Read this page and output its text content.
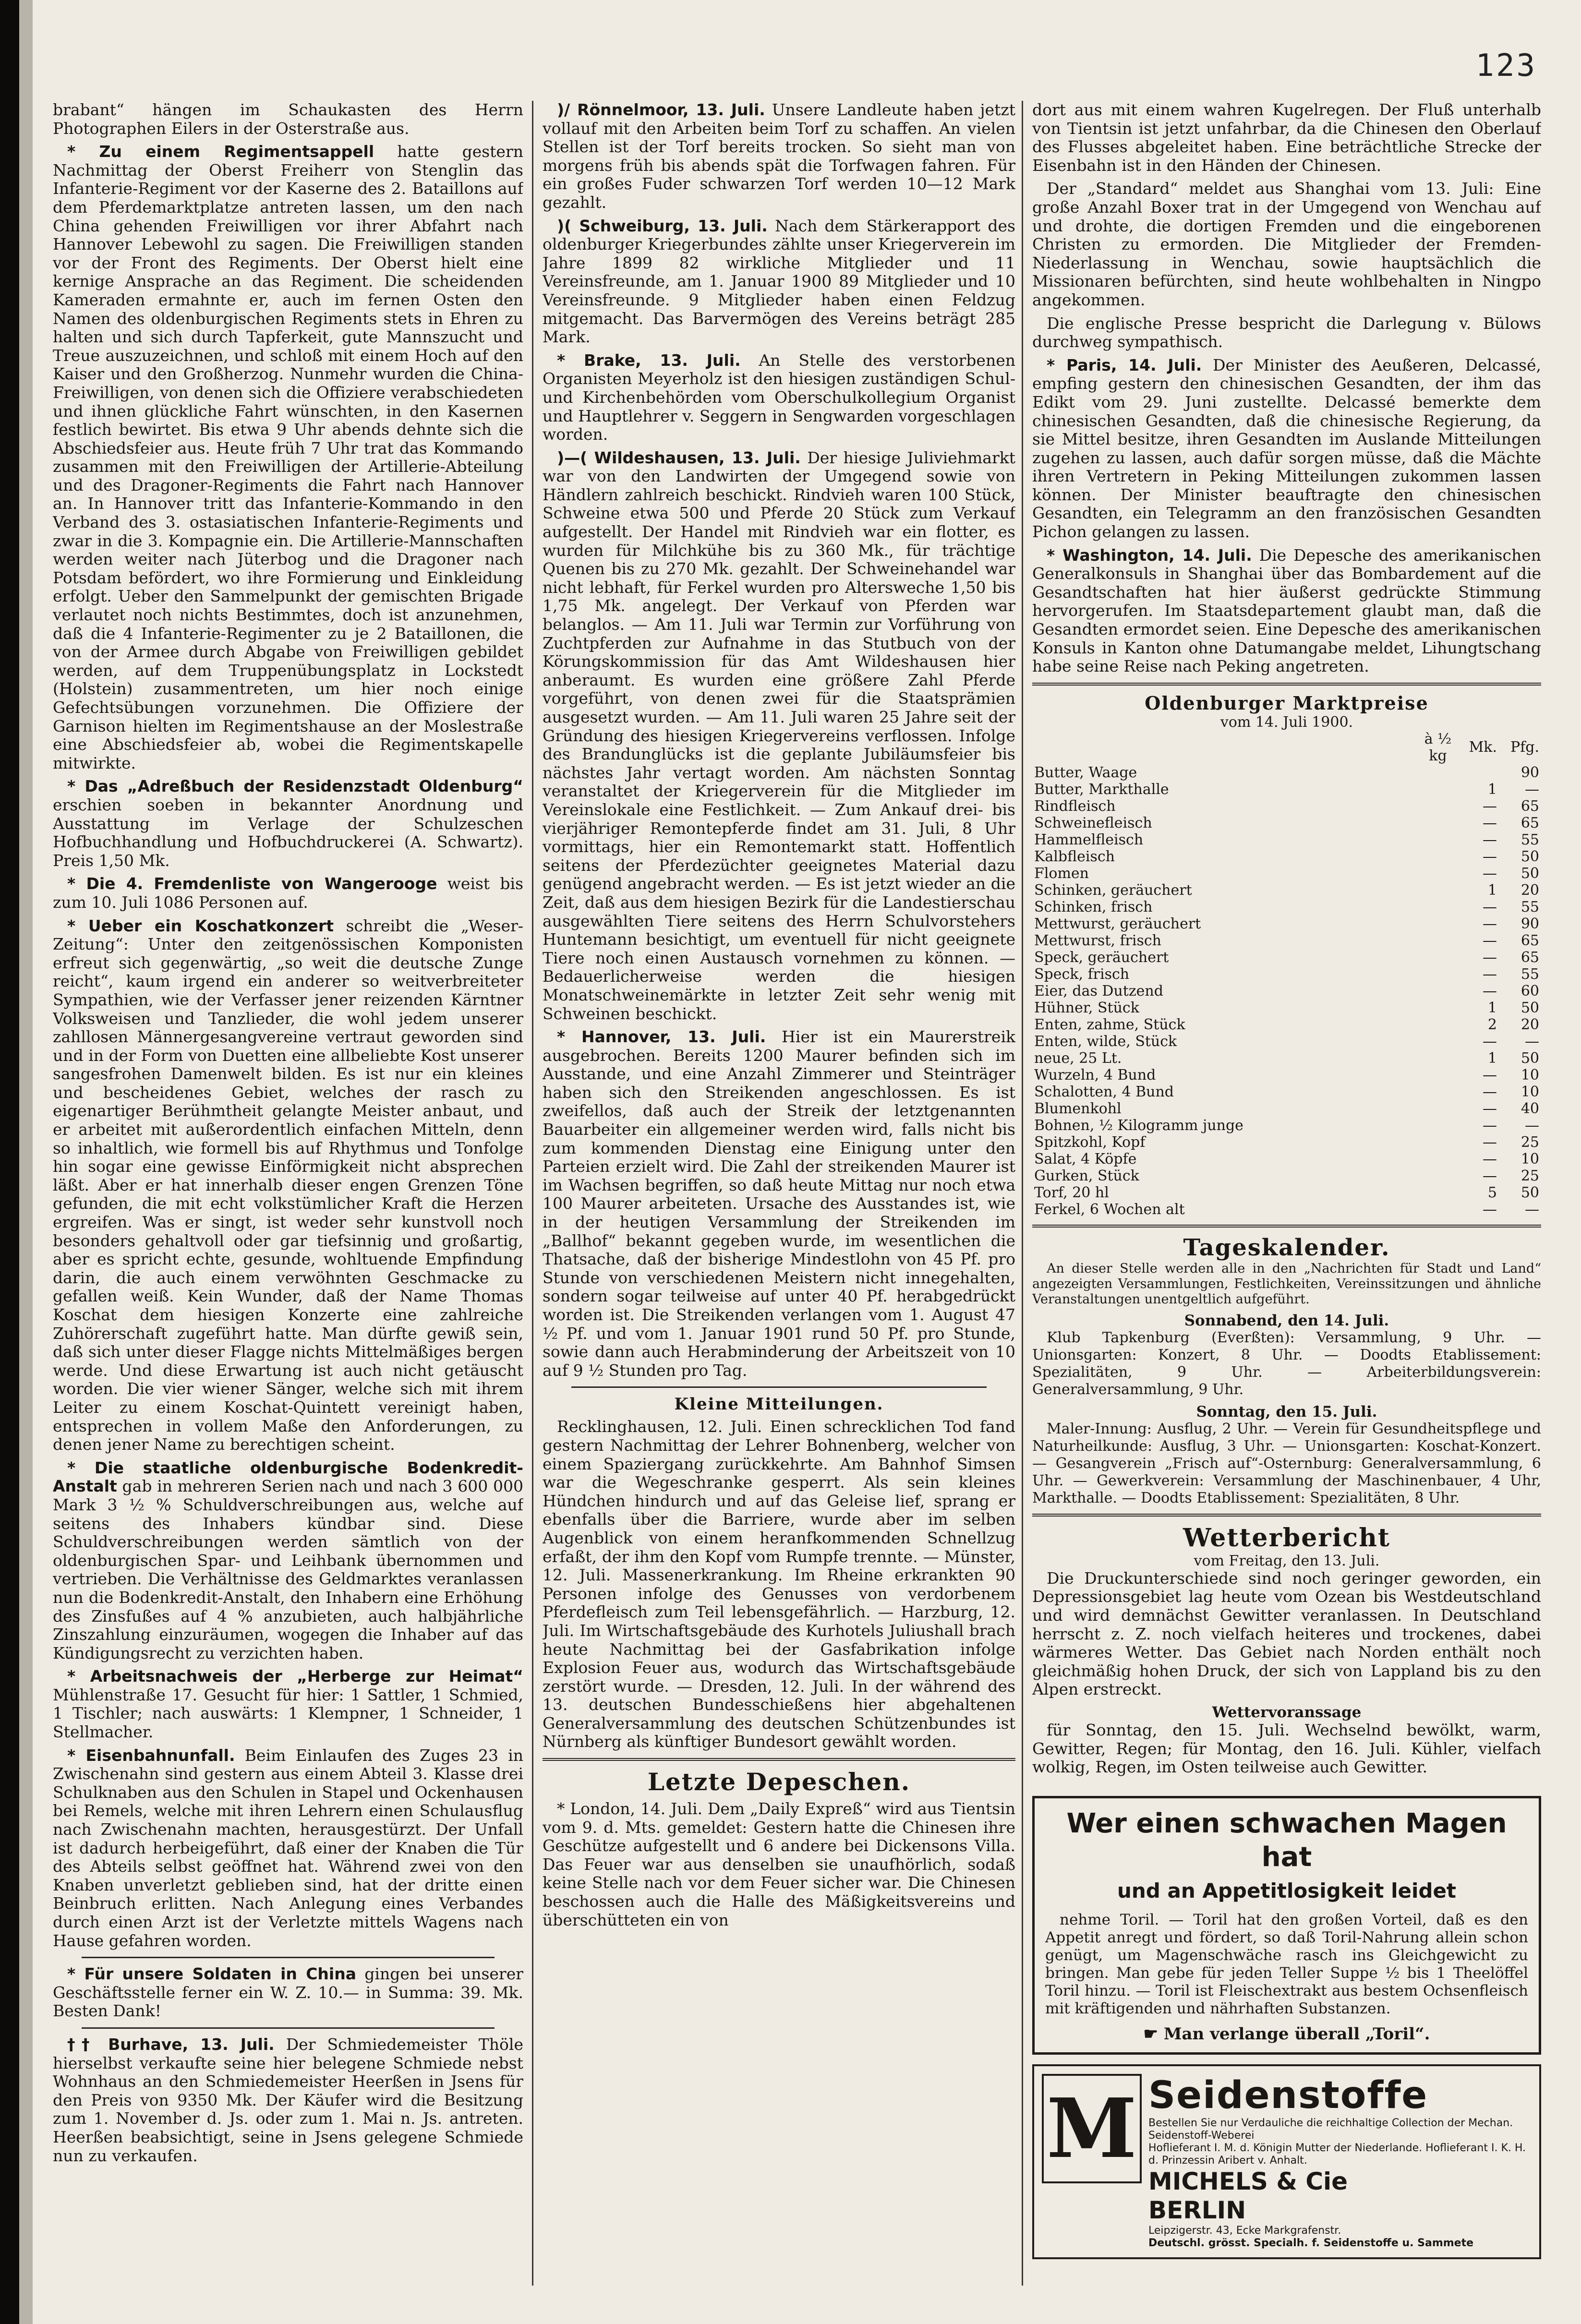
123

brabant“ hängen im Schaukasten des Herrn Photographen Eilers in der Osterstraße aus.

* Zu einem Regimentsappell hatte gestern Nachmittag der Oberst Freiherr von Stenglin das Infanterie-Regiment vor der Kaserne des 2. Bataillons auf dem Pferdemarktplatze antreten lassen, um den nach China gehenden Freiwilligen vor ihrer Abfahrt nach Hannover Lebewohl zu sagen. Die Freiwilligen standen vor der Front des Regiments. Der Oberst hielt eine kernige Ansprache an das Regiment. Die scheidenden Kameraden ermahnte er, auch im fernen Osten den Namen des oldenburgischen Regiments stets in Ehren zu halten und sich durch Tapferkeit, gute Mannszucht und Treue auszuzeichnen, und schloß mit einem Hoch auf den Kaiser und den Großherzog. Nunmehr wurden die China-Freiwilligen, von denen sich die Offiziere verabschiedeten und ihnen glückliche Fahrt wünschten, in den Kasernen festlich bewirtet. Bis etwa 9 Uhr abends dehnte sich die Abschiedsfeier aus. Heute früh 7 Uhr trat das Kommando zusammen mit den Freiwilligen der Artillerie-Abteilung und des Dragoner-Regiments die Fahrt nach Hannover an. In Hannover tritt das Infanterie-Kommando in den Verband des 3. ostasiatischen Infanterie-Regiments und zwar in die 3. Kompagnie ein. Die Artillerie-Mannschaften werden weiter nach Jüterbog und die Dragoner nach Potsdam befördert, wo ihre Formierung und Einkleidung erfolgt. Ueber den Sammelpunkt der gemischten Brigade verlautet noch nichts Bestimmtes, doch ist anzunehmen, daß die 4 Infanterie-Regimenter zu je 2 Bataillonen, die von der Armee durch Abgabe von Freiwilligen gebildet werden, auf dem Truppenübungsplatz in Lockstedt (Holstein) zusammentreten, um hier noch einige Gefechtsübungen vorzunehmen. Die Offiziere der Garnison hielten im Regimentshause an der Moslestraße eine Abschiedsfeier ab, wobei die Regimentskapelle mitwirkte.

* Das „Adreßbuch der Residenzstadt Oldenburg“ erschien soeben in bekannter Anordnung und Ausstattung im Verlage der Schulzeschen Hofbuchhandlung und Hofbuchdruckerei (A. Schwartz). Preis 1,50 Mk.

* Die 4. Fremdenliste von Wangerooge weist bis zum 10. Juli 1086 Personen auf.

* Ueber ein Koschatkonzert schreibt die „Weser-Zeitung“: Unter den zeitgenössischen Komponisten erfreut sich gegenwärtig, „so weit die deutsche Zunge reicht“, kaum irgend ein anderer so weitverbreiteter Sympathien, wie der Verfasser jener reizenden Kärntner Volksweisen und Tanzlieder, die wohl jedem unserer zahllosen Männergesangvereine vertraut geworden sind und in der Form von Duetten eine allbeliebte Kost unserer sangesfrohen Damenwelt bilden. Es ist nur ein kleines und bescheidenes Gebiet, welches der rasch zu eigenartiger Berühmtheit gelangte Meister anbaut, und er arbeitet mit außerordentlich einfachen Mitteln, denn so inhaltlich, wie formell bis auf Rhythmus und Tonfolge hin sogar eine gewisse Einförmigkeit nicht absprechen läßt. Aber er hat innerhalb dieser engen Grenzen Töne gefunden, die mit echt volkstümlicher Kraft die Herzen ergreifen. Was er singt, ist weder sehr kunstvoll noch besonders gehaltvoll oder gar tiefsinnig und großartig, aber es spricht echte, gesunde, wohltuende Empfindung darin, die auch einem verwöhnten Geschmacke zu gefallen weiß. Kein Wunder, daß der Name Thomas Koschat dem hiesigen Konzerte eine zahlreiche Zuhörerschaft zugeführt hatte. Man dürfte gewiß sein, daß sich unter dieser Flagge nichts Mittelmäßiges bergen werde. Und diese Erwartung ist auch nicht getäuscht worden. Die vier wiener Sänger, welche sich mit ihrem Leiter zu einem Koschat-Quintett vereinigt haben, entsprechen in vollem Maße den Anforderungen, zu denen jener Name zu berechtigen scheint.

* Die staatliche oldenburgische Bodenkredit-Anstalt gab in mehreren Serien nach und nach 3 600 000 Mark 3 ½ % Schuldverschreibungen aus, welche auf seitens des Inhabers kündbar sind. Diese Schuldverschreibungen werden sämtlich von der oldenburgischen Spar- und Leihbank übernommen und vertrieben. Die Verhältnisse des Geldmarktes veranlassen nun die Bodenkredit-Anstalt, den Inhabern eine Erhöhung des Zinsfußes auf 4 % anzubieten, auch halbjährliche Zinszahlung einzuräumen, wogegen die Inhaber auf das Kündigungsrecht zu verzichten haben.

* Arbeitsnachweis der „Herberge zur Heimat“ Mühlenstraße 17. Gesucht für hier: 1 Sattler, 1 Schmied, 1 Tischler; nach auswärts: 1 Klempner, 1 Schneider, 1 Stellmacher.

* Eisenbahnunfall. Beim Einlaufen des Zuges 23 in Zwischenahn sind gestern aus einem Abteil 3. Klasse drei Schulknaben aus den Schulen in Stapel und Ockenhausen bei Remels, welche mit ihren Lehrern einen Schulausflug nach Zwischenahn machten, herausgestürzt. Der Unfall ist dadurch herbeigeführt, daß einer der Knaben die Tür des Abteils selbst geöffnet hat. Während zwei von den Knaben unverletzt geblieben sind, hat der dritte einen Beinbruch erlitten. Nach Anlegung eines Verbandes durch einen Arzt ist der Verletzte mittels Wagens nach Hause gefahren worden.

* Für unsere Soldaten in China gingen bei unserer Geschäftsstelle ferner ein W. Z. 10.— in Summa: 39. Mk. Besten Dank!

†† Burhave, 13. Juli. Der Schmiedemeister Thöle hierselbst verkaufte seine hier belegene Schmiede nebst Wohnhaus an den Schmiedemeister Heerßen in Jsens für den Preis von 9350 Mk. Der Käufer wird die Besitzung zum 1. November d. Js. oder zum 1. Mai n. Js. antreten. Heerßen beabsichtigt, seine in Jsens gelegene Schmiede nun zu verkaufen.

)/ Rönnelmoor, 13. Juli. Unsere Landleute haben jetzt vollauf mit den Arbeiten beim Torf zu schaffen. An vielen Stellen ist der Torf bereits trocken. So sieht man von morgens früh bis abends spät die Torfwagen fahren. Für ein großes Fuder schwarzen Torf werden 10—12 Mark gezahlt.

)( Schweiburg, 13. Juli. Nach dem Stärkerapport des oldenburger Kriegerbundes zählte unser Kriegerverein im Jahre 1899 82 wirkliche Mitglieder und 11 Vereinsfreunde, am 1. Januar 1900 89 Mitglieder und 10 Vereinsfreunde. 9 Mitglieder haben einen Feldzug mitgemacht. Das Barvermögen des Vereins beträgt 285 Mark.

* Brake, 13. Juli. An Stelle des verstorbenen Organisten Meyerholz ist den hiesigen zuständigen Schul- und Kirchenbehörden vom Oberschulkollegium Organist und Hauptlehrer v. Seggern in Sengwarden vorgeschlagen worden.

)—( Wildeshausen, 13. Juli. Der hiesige Juliviehmarkt war von den Landwirten der Umgegend sowie von Händlern zahlreich beschickt. Rindvieh waren 100 Stück, Schweine etwa 500 und Pferde 20 Stück zum Verkauf aufgestellt. Der Handel mit Rindvieh war ein flotter, es wurden für Milchkühe bis zu 360 Mk., für trächtige Quenen bis zu 270 Mk. gezahlt. Der Schweinehandel war nicht lebhaft, für Ferkel wurden pro Altersweche 1,50 bis 1,75 Mk. angelegt. Der Verkauf von Pferden war belanglos. — Am 11. Juli war Termin zur Vorführung von Zuchtpferden zur Aufnahme in das Stutbuch von der Körungskommission für das Amt Wildeshausen hier anberaumt. Es wurden eine größere Zahl Pferde vorgeführt, von denen zwei für die Staatsprämien ausgesetzt wurden. — Am 11. Juli waren 25 Jahre seit der Gründung des hiesigen Kriegervereins verflossen. Infolge des Brandunglücks ist die geplante Jubiläumsfeier bis nächstes Jahr vertagt worden. Am nächsten Sonntag veranstaltet der Kriegerverein für die Mitglieder im Vereinslokale eine Festlichkeit. — Zum Ankauf drei- bis vierjähriger Remontepferde findet am 31. Juli, 8 Uhr vormittags, hier ein Remontemarkt statt. Hoffentlich seitens der Pferdezüchter geeignetes Material dazu genügend angebracht werden. — Es ist jetzt wieder an die Zeit, daß aus dem hiesigen Bezirk für die Landestierschau ausgewählten Tiere seitens des Herrn Schulvorstehers Huntemann besichtigt, um eventuell für nicht geeignete Tiere noch einen Austausch vornehmen zu können. — Bedauerlicherweise werden die hiesigen Monatschweinemärkte in letzter Zeit sehr wenig mit Schweinen beschickt.

* Hannover, 13. Juli. Hier ist ein Maurerstreik ausgebrochen. Bereits 1200 Maurer befinden sich im Ausstande, und eine Anzahl Zimmerer und Steinträger haben sich den Streikenden angeschlossen. Es ist zweifellos, daß auch der Streik der letztgenannten Bauarbeiter ein allgemeiner werden wird, falls nicht bis zum kommenden Dienstag eine Einigung unter den Parteien erzielt wird. Die Zahl der streikenden Maurer ist im Wachsen begriffen, so daß heute Mittag nur noch etwa 100 Maurer arbeiteten. Ursache des Ausstandes ist, wie in der heutigen Versammlung der Streikenden im „Ballhof“ bekannt gegeben wurde, im wesentlichen die Thatsache, daß der bisherige Mindestlohn von 45 Pf. pro Stunde von verschiedenen Meistern nicht innegehalten, sondern sogar teilweise auf unter 40 Pf. herabgedrückt worden ist. Die Streikenden verlangen vom 1. August 47 ½ Pf. und vom 1. Januar 1901 rund 50 Pf. pro Stunde, sowie dann auch Herabminderung der Arbeitszeit von 10 auf 9 ½ Stunden pro Tag.

Kleine Mitteilungen.

Recklinghausen, 12. Juli. Einen schrecklichen Tod fand gestern Nachmittag der Lehrer Bohnenberg, welcher von einem Spaziergang zurückkehrte. Am Bahnhof Simsen war die Wegeschranke gesperrt. Als sein kleines Hündchen hindurch und auf das Geleise lief, sprang er ebenfalls über die Barriere, wurde aber im selben Augenblick von einem heranfkommenden Schnellzug erfaßt, der ihm den Kopf vom Rumpfe trennte. — Münster, 12. Juli. Massenerkrankung. Im Rheine erkrankten 90 Personen infolge des Genusses von verdorbenem Pferdefleisch zum Teil lebensgefährlich. — Harzburg, 12. Juli. Im Wirtschaftsgebäude des Kurhotels Juliushall brach heute Nachmittag bei der Gasfabrikation infolge Explosion Feuer aus, wodurch das Wirtschaftsgebäude zerstört wurde. — Dresden, 12. Juli. In der während des 13. deutschen Bundesschießens hier abgehaltenen Generalversammlung des deutschen Schützenbundes ist Nürnberg als künftiger Bundesort gewählt worden.

Letzte Depeschen.

* London, 14. Juli. Dem „Daily Expreß“ wird aus Tientsin vom 9. d. Mts. gemeldet: Gestern hatte die Chinesen ihre Geschütze aufgestellt und 6 andere bei Dickensons Villa. Das Feuer war aus denselben sie unaufhörlich, sodaß keine Stelle nach vor dem Feuer sicher war. Die Chinesen beschossen auch die Halle des Mäßigkeitsvereins und überschütteten ein von

dort aus mit einem wahren Kugelregen. Der Fluß unterhalb von Tientsin ist jetzt unfahrbar, da die Chinesen den Oberlauf des Flusses abgeleitet haben. Eine beträchtliche Strecke der Eisenbahn ist in den Händen der Chinesen.

Der „Standard“ meldet aus Shanghai vom 13. Juli: Eine große Anzahl Boxer trat in der Umgegend von Wenchau auf und drohte, die dortigen Fremden und die eingeborenen Christen zu ermorden. Die Mitglieder der Fremden-Niederlassung in Wenchau, sowie hauptsächlich die Missionaren befürchten, sind heute wohlbehalten in Ningpo angekommen.

Die englische Presse bespricht die Darlegung v. Bülows durchweg sympathisch.

* Paris, 14. Juli. Der Minister des Aeußeren, Delcassé, empfing gestern den chinesischen Gesandten, der ihm das Edikt vom 29. Juni zustellte. Delcassé bemerkte dem chinesischen Gesandten, daß die chinesische Regierung, da sie Mittel besitze, ihren Gesandten im Auslande Mitteilungen zugehen zu lassen, auch dafür sorgen müsse, daß die Mächte ihren Vertretern in Peking Mitteilungen zukommen lassen können. Der Minister beauftragte den chinesischen Gesandten, ein Telegramm an den französischen Gesandten Pichon gelangen zu lassen.

* Washington, 14. Juli. Die Depesche des amerikanischen Generalkonsuls in Shanghai über das Bombardement auf die Gesandtschaften hat hier äußerst gedrückte Stimmung hervorgerufen. Im Staatsdepartement glaubt man, daß die Gesandten ermordet seien. Eine Depesche des amerikanischen Konsuls in Kanton ohne Datumangabe meldet, Lihungtschang habe seine Reise nach Peking angetreten.

Oldenburger Marktpreise
vom 14. Juli 1900.
	à ½ kg	Mk.	Pfg.
Butter, Waage			90
Butter, Markthalle		1	—
Rindfleisch		—	65
Schweinefleisch		—	65
Hammelfleisch		—	55
Kalbfleisch		—	50
Flomen		—	50
Schinken, geräuchert		1	20
Schinken, frisch		—	55
Mettwurst, geräuchert		—	90
Mettwurst, frisch		—	65
Speck, geräuchert		—	65
Speck, frisch		—	55
Eier, das Dutzend		—	60
Hühner, Stück		1	50
Enten, zahme, Stück		2	20
Enten, wilde, Stück		—	—
neue, 25 Lt.		1	50
Wurzeln, 4 Bund		—	10
Schalotten, 4 Bund		—	10
Blumenkohl		—	40
Bohnen, ½ Kilogramm junge		—	—
Spitzkohl, Kopf		—	25
Salat, 4 Köpfe		—	10
Gurken, Stück		—	25
Torf, 20 hl		5	50
Ferkel, 6 Wochen alt		—	—
Tageskalender.

An dieser Stelle werden alle in den „Nachrichten für Stadt und Land“ angezeigten Versammlungen, Festlichkeiten, Vereinssitzungen und ähnliche Veranstaltungen unentgeltlich aufgeführt.

Sonnabend, den 14. Juli.

Klub Tapkenburg (Everßten): Versammlung, 9 Uhr. — Unionsgarten: Konzert, 8 Uhr. — Doodts Etablissement: Spezialitäten, 9 Uhr. — Arbeiterbildungsverein: Generalversammlung, 9 Uhr.

Sonntag, den 15. Juli.

Maler-Innung: Ausflug, 2 Uhr. — Verein für Gesundheitspflege und Naturheilkunde: Ausflug, 3 Uhr. — Unionsgarten: Koschat-Konzert. — Gesangverein „Frisch auf“-Osternburg: Generalversammlung, 6 Uhr. — Gewerkverein: Versammlung der Maschinenbauer, 4 Uhr, Markthalle. — Doodts Etablissement: Spezialitäten, 8 Uhr.

Wetterbericht
vom Freitag, den 13. Juli.

Die Druckunterschiede sind noch geringer geworden, ein Depressionsgebiet lag heute vom Ozean bis Westdeutschland und wird demnächst Gewitter veranlassen. In Deutschland herrscht z. Z. noch vielfach heiteres und trockenes, dabei wärmeres Wetter. Das Gebiet nach Norden enthält noch gleichmäßig hohen Druck, der sich von Lappland bis zu den Alpen erstreckt.

Wettervoranssage

für Sonntag, den 15. Juli. Wechselnd bewölkt, warm, Gewitter, Regen; für Montag, den 16. Juli. Kühler, vielfach wolkig, Regen, im Osten teilweise auch Gewitter.

Wer einen schwachen Magen hat
und an Appetitlosigkeit leidet

nehme Toril. — Toril hat den großen Vorteil, daß es den Appetit anregt und fördert, so daß Toril-Nahrung allein schon genügt, um Magenschwäche rasch ins Gleichgewicht zu bringen. Man gebe für jeden Teller Suppe ½ bis 1 Theelöffel Toril hinzu. — Toril ist Fleischextrakt aus bestem Ochsenfleisch mit kräftigenden und nährhaften Substanzen.

☛ Man verlange überall „Toril“.
M Seidenstoffe
Bestellen Sie nur Verdauliche die reichhaltige Collection der Mechan. Seidenstoff-Weberei
Hoflieferant I. M. d. Königin Mutter der Niederlande. Hoflieferant I. K. H. d. Prinzessin Aribert v. Anhalt.
MICHELS & Cie
BERLIN
Leipzigerstr. 43, Ecke Markgrafenstr.
Deutschl. grösst. Specialh. f. Seidenstoffe u. Sammete
